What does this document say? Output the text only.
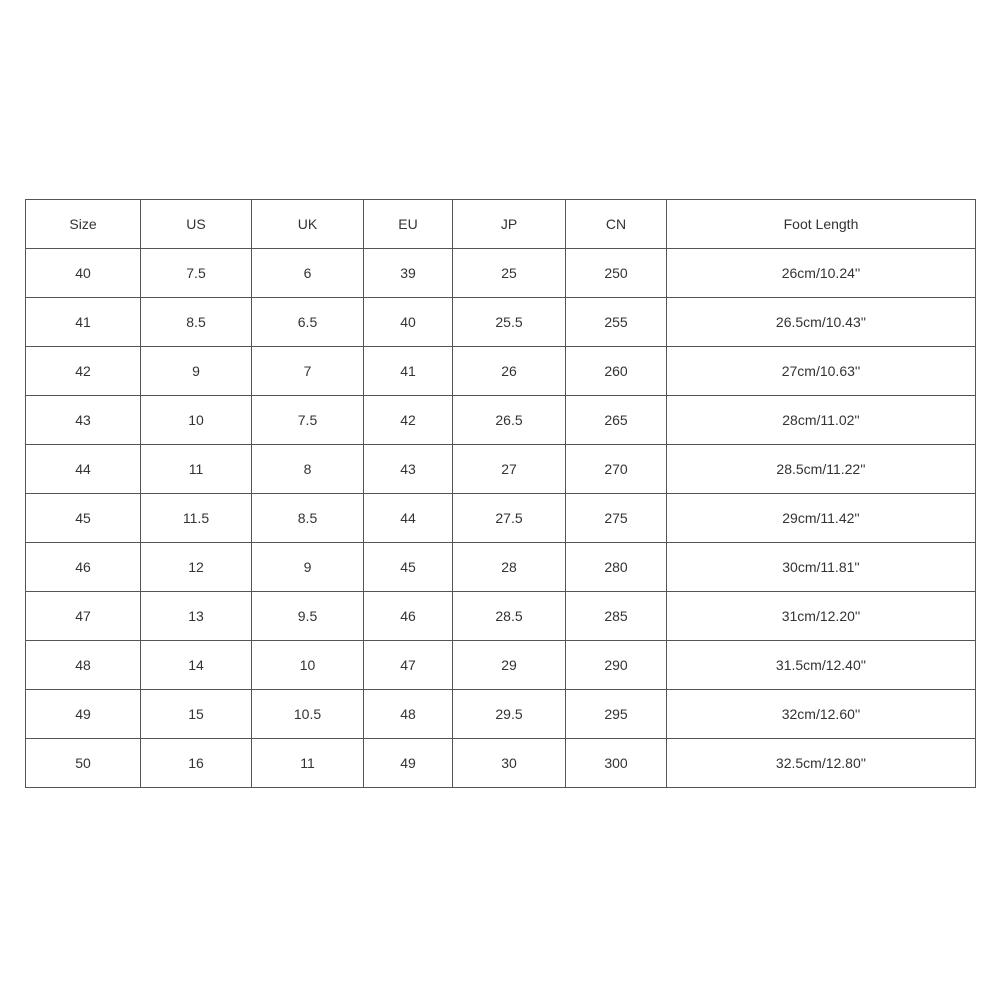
Size	US	UK	EU	JP	CN	Foot Length
40	7.5	6	39	25	250	26cm/10.24''
41	8.5	6.5	40	25.5	255	26.5cm/10.43''
42	9	7	41	26	260	27cm/10.63''
43	10	7.5	42	26.5	265	28cm/11.02''
44	11	8	43	27	270	28.5cm/11.22''
45	11.5	8.5	44	27.5	275	29cm/11.42''
46	12	9	45	28	280	30cm/11.81''
47	13	9.5	46	28.5	285	31cm/12.20''
48	14	10	47	29	290	31.5cm/12.40''
49	15	10.5	48	29.5	295	32cm/12.60''
50	16	11	49	30	300	32.5cm/12.80''
